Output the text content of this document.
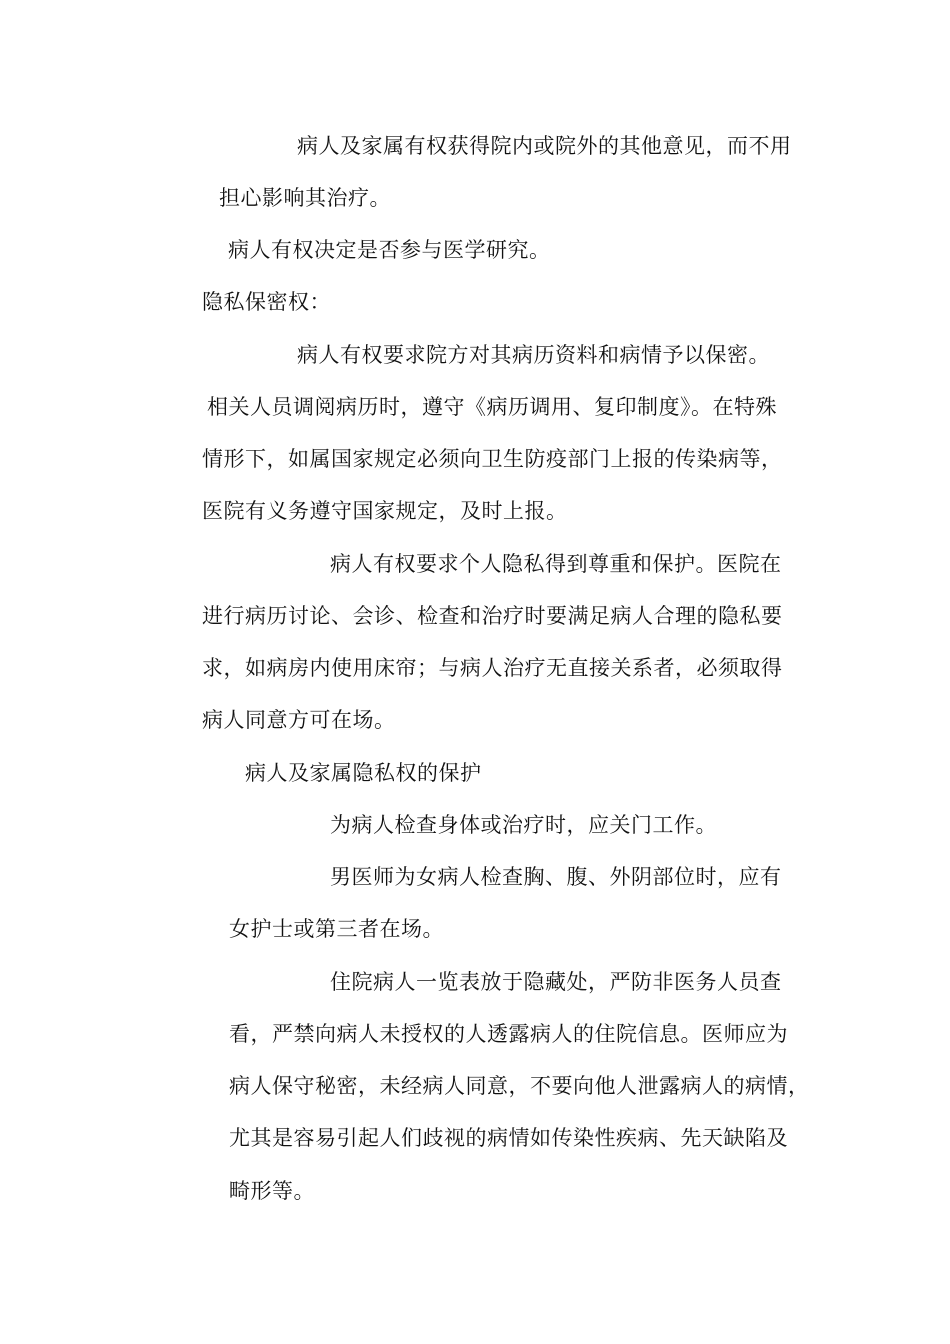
病人及家属有权获得院内或院外的其他意见，而不用
担心影响其治疗。
病人有权决定是否参与医学研究。
隐私保密权：
病人有权要求院方对其病历资料和病情予以保密。
相关人员调阅病历时，遵守《病历调用、复印制度》。在特殊
情形下，如属国家规定必须向卫生防疫部门上报的传染病等，
医院有义务遵守国家规定，及时上报。
病人有权要求个人隐私得到尊重和保护。医院在
进行病历讨论、会诊、检查和治疗时要满足病人合理的隐私要
求，如病房内使用床帘；与病人治疗无直接关系者，必须取得
病人同意方可在场。
病人及家属隐私权的保护
为病人检查身体或治疗时，应关门工作。
男医师为女病人检查胸、腹、外阴部位时，应有
女护士或第三者在场。
住院病人一览表放于隐藏处，严防非医务人员查
看，严禁向病人未授权的人透露病人的住院信息。医师应为
病人保守秘密，未经病人同意，不要向他人泄露病人的病情，
尤其是容易引起人们歧视的病情如传染性疾病、先天缺陷及
畸形等。
